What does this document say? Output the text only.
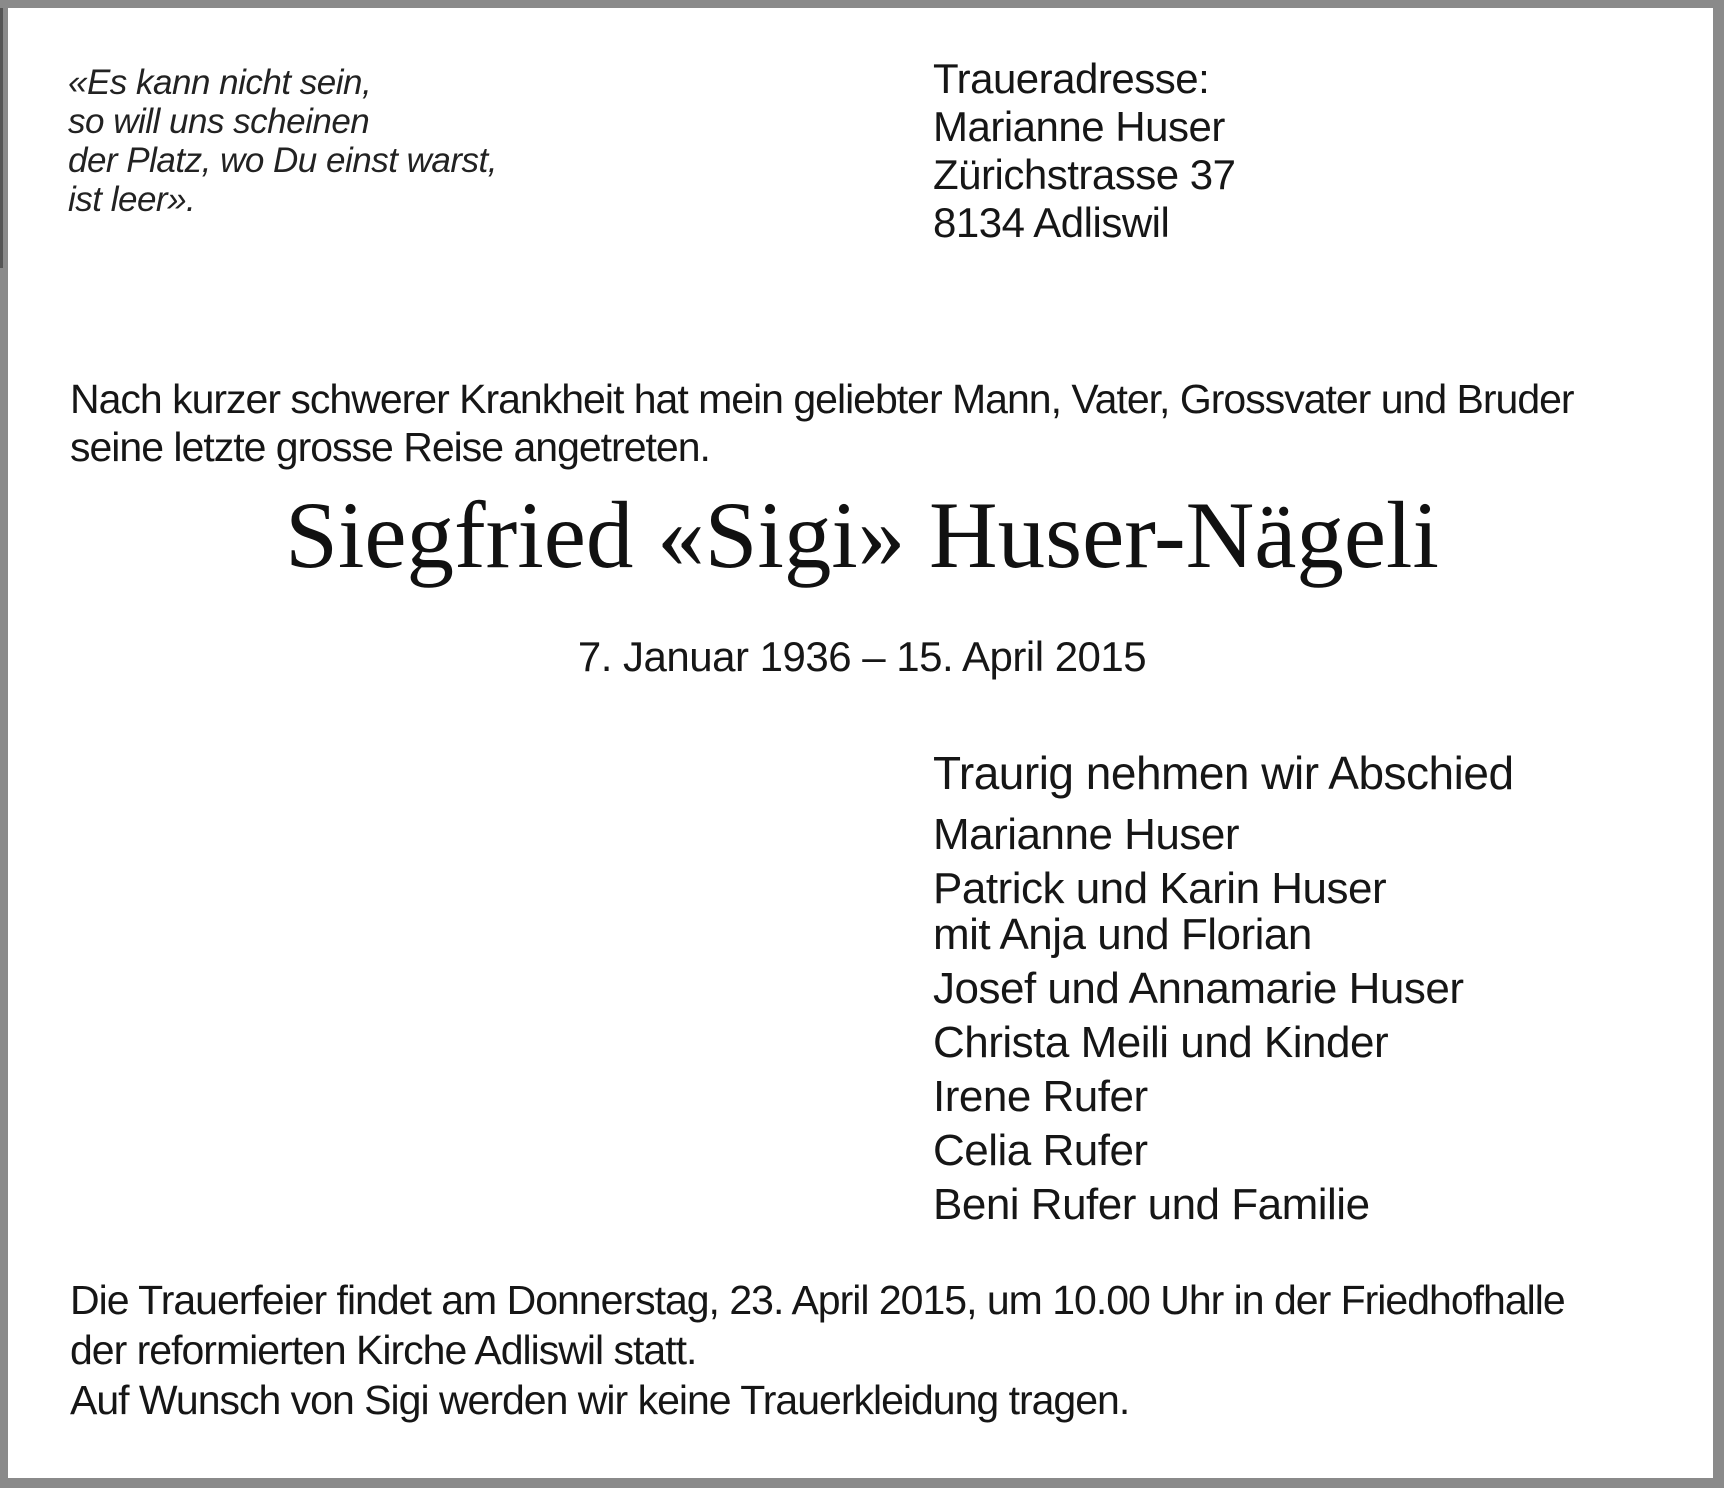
«Es kann nicht sein,
so will uns scheinen
der Platz, wo Du einst warst,
ist leer».
Traueradresse:
Marianne Huser
Zürichstrasse 37
8134 Adliswil
Nach kurzer schwerer Krankheit hat mein geliebter Mann, Vater, Grossvater und Bruder
seine letzte grosse Reise angetreten.
Siegfried «Sigi» Huser-Nägeli
7. Januar 1936 – 15. April 2015
Traurig nehmen wir Abschied
Marianne Huser
Patrick und Karin Huser
mit Anja und Florian
Josef und Annamarie Huser
Christa Meili und Kinder
Irene Rufer
Celia Rufer
Beni Rufer und Familie
Die Trauerfeier findet am Donnerstag, 23. April 2015, um 10.00 Uhr in der Friedhofhalle
der reformierten Kirche Adliswil statt.
Auf Wunsch von Sigi werden wir keine Trauerkleidung tragen.
